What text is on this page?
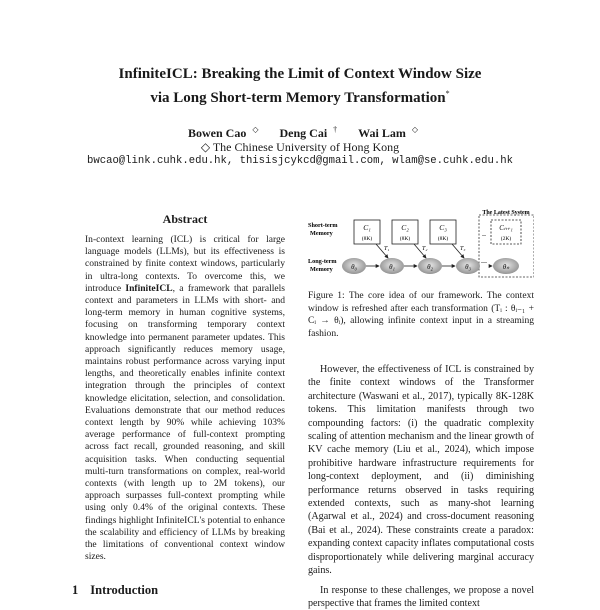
InfiniteICL: Breaking the Limit of Context Window Size
via Long Short-term Memory Transformation*
Bowen Cao ◇ Deng Cai † Wai Lam ◇
◇ The Chinese University of Hong Kong
bwcao@link.cuhk.edu.hk, thisisjcykcd@gmail.com, wlam@se.cuhk.edu.hk
Abstract
In-context learning (ICL) is critical for large language models (LLMs), but its effectiveness is constrained by finite context windows, particularly in ultra-long contexts. To overcome this, we introduce InfiniteICL, a framework that parallels context and parameters in LLMs with short- and long-term memory in human cognitive systems, focusing on transforming temporary context knowledge into permanent parameter updates. This approach significantly reduces memory usage, maintains robust performance across varying input lengths, and theoretically enables infinite context integration through the principles of context knowledge elicitation, selection, and consolidation. Evaluations demonstrate that our method reduces context length by 90% while achieving 103% average performance of full-context prompting across fact recall, grounded reasoning, and skill acquisition tasks. When conducting sequential multi-turn transformations on complex, real-world contexts (with length up to 2M tokens), our approach surpasses full-context prompting while using only 0.4% of the original contexts. These findings highlight InfiniteICL's potential to enhance the scalability and efficiency of LLMs by breaking the limitations of conventional context window sizes.
1 Introduction
The Latest System
Short-term
Memory
Long-term
Memory
C₁
(8K)
C₂
(8K)
C₃
(8K)
Cₙ₊₁
(2K)
θ₀	θ₁	θ₂	θ₃	θₙ
...
..
T₁	T₂	T₃
Figure 1: The core idea of our framework. The context window is refreshed after each transformation (Tᵢ : θᵢ₋₁ + Cᵢ → θᵢ), allowing infinite context input in a streaming fashion.

However, the effectiveness of ICL is constrained by the finite context windows of the Transformer architecture (Waswani et al., 2017), typically 8K-128K tokens. This limitation manifests through two compounding factors: (i) the quadratic complexity scaling of attention mechanism and the linear growth of KV cache memory (Liu et al., 2024), which impose prohibitive hardware infrastructure requirements for long-context deployment, and (ii) diminishing performance returns observed in tasks requiring extended contexts, such as many-shot learning (Agarwal et al., 2024) and cross-document reasoning (Bai et al., 2024). These constraints create a paradox: expanding context capacity inflates computational costs disproportionately while delivering marginal accuracy gains.

In response to these challenges, we propose a novel perspective that frames the limited context
